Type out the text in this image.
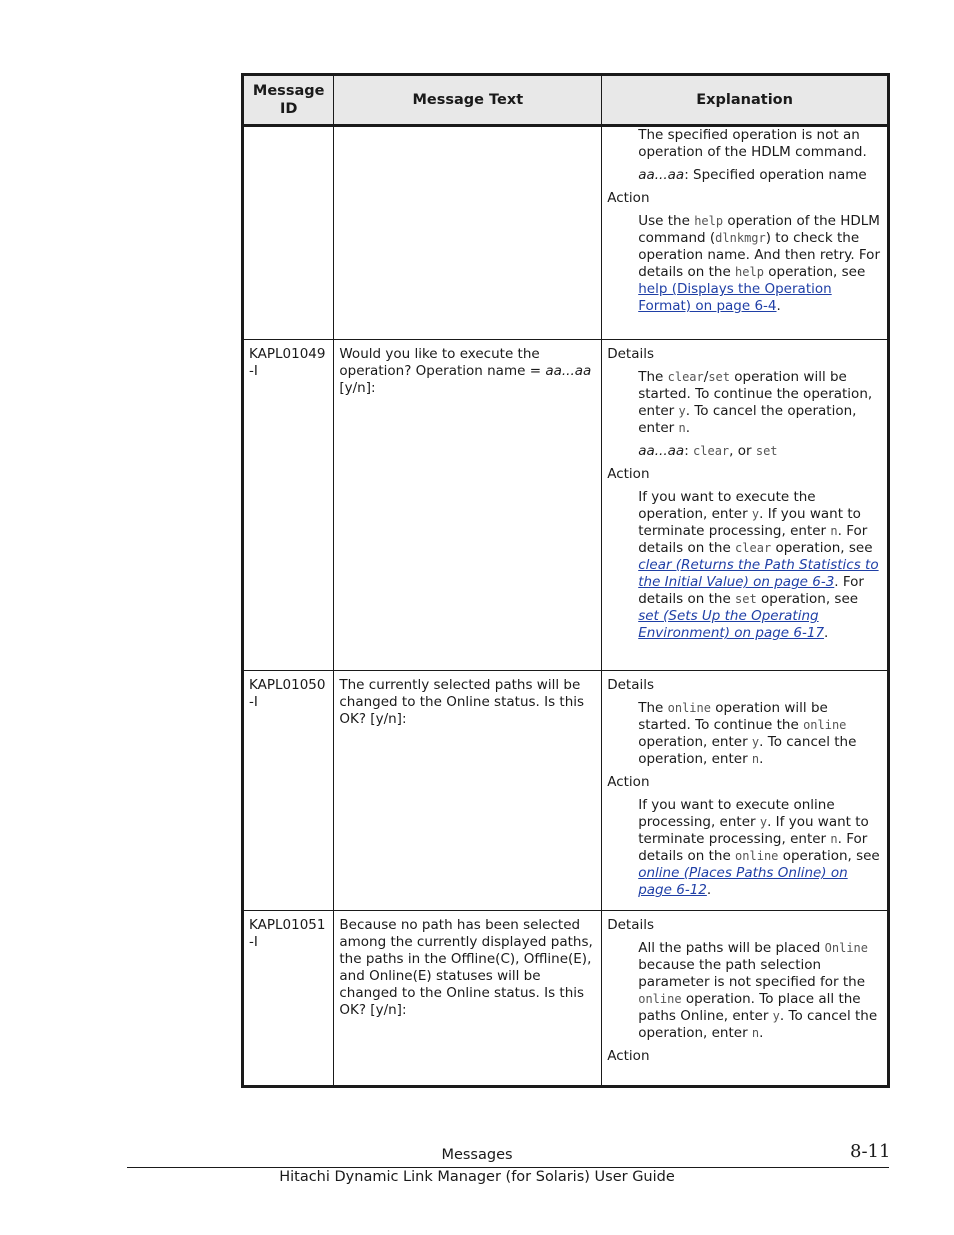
Message ID	Message Text	Explanation

		The specified operation is not an operation of the HDLM command.

aa...aa: Specified operation name

Action

Use the help operation of the HDLM command (dlnkmgr) to check the operation name. And then retry. For details on the help operation, see help (Displays the Operation Format) on page 6-4.

KAPL01049 -I	Would you like to execute the operation? Operation name = aa...aa [y/n]:	Details

The clear/set operation will be started. To continue the operation, enter y. To cancel the operation, enter n.

aa...aa: clear, or set

Action

If you want to execute the operation, enter y. If you want to terminate processing, enter n. For details on the clear operation, see clear (Returns the Path Statistics to the Initial Value) on page 6-3. For details on the set operation, see set (Sets Up the Operating Environment) on page 6-17.

KAPL01050 -I	The currently selected paths will be changed to the Online status. Is this OK? [y/n]:	Details

The online operation will be started. To continue the online operation, enter y. To cancel the operation, enter n.

Action

If you want to execute online processing, enter y. If you want to terminate processing, enter n. For details on the online operation, see online (Places Paths Online) on page 6-12.

KAPL01051 -I	Because no path has been selected among the currently displayed paths, the paths in the Offline(C), Offline(E), and Online(E) statuses will be changed to the Online status. Is this OK? [y/n]:	Details

All the paths will be placed Online because the path selection parameter is not specified for the online operation. To place all the paths Online, enter y. To cancel the operation, enter n.

Action

Messages	8-11
Hitachi Dynamic Link Manager (for Solaris) User Guide
